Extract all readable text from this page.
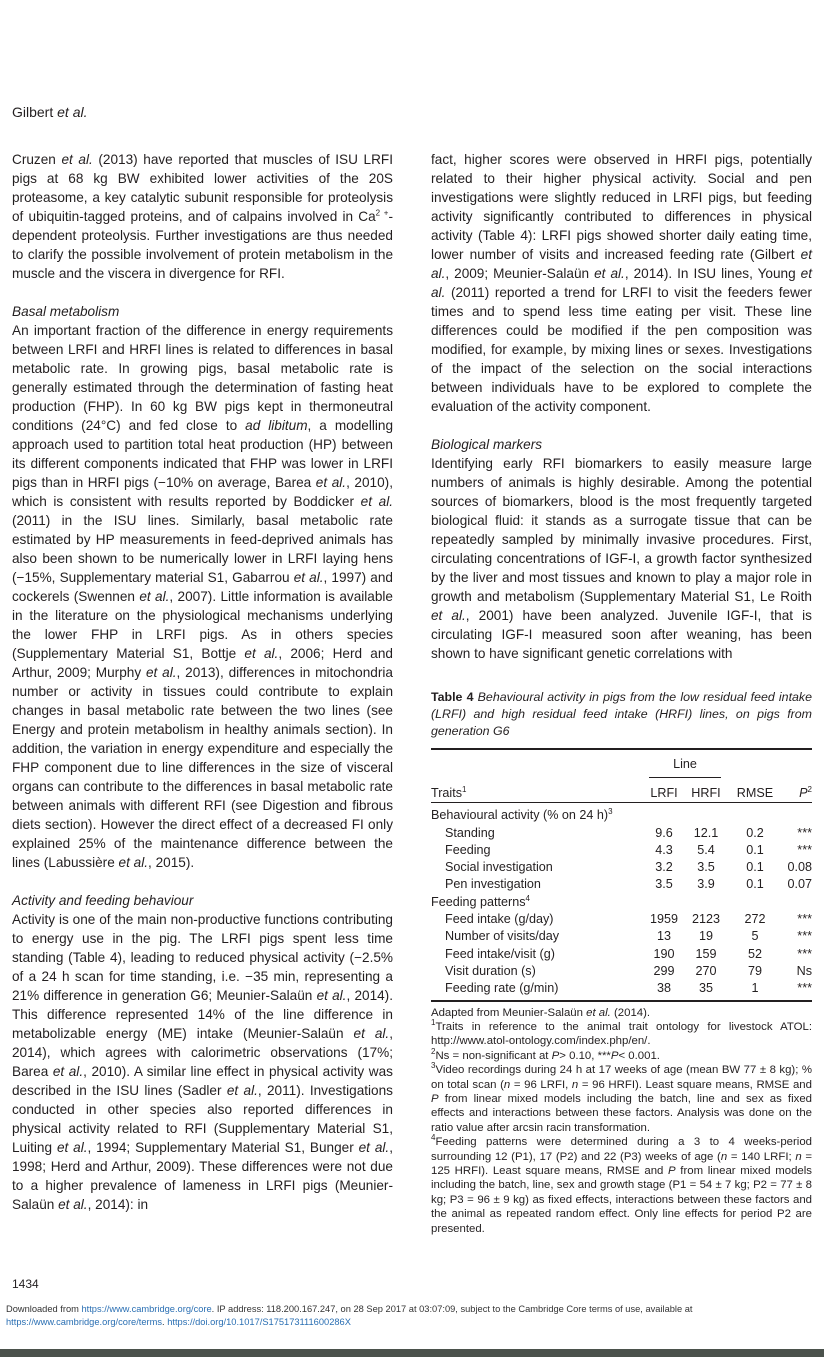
Gilbert et al.

Cruzen et al. (2013) have reported that muscles of ISU LRFI pigs at 68 kg BW exhibited lower activities of the 20S proteasome, a key catalytic subunit responsible for proteolysis of ubiquitin-tagged proteins, and of calpains involved in $Ca^{2 +}$-dependent proteolysis. Further investigations are thus needed to clarify the possible involvement of protein metabolism in the muscle and the viscera in divergence for RFI.

Basal metabolism

An important fraction of the difference in energy requirements between LRFI and HRFI lines is related to differences in basal metabolic rate. In growing pigs, basal metabolic rate is generally estimated through the determination of fasting heat production (FHP). In 60 kg BW pigs kept in thermoneutral conditions (24°C) and fed close to ad libitum, a modelling approach used to partition total heat production (HP) between its different components indicated that FHP was lower in LRFI pigs than in HRFI pigs (−10% on average, Barea et al., 2010), which is consistent with results reported by Boddicker et al. (2011) in the ISU lines. Similarly, basal metabolic rate estimated by HP measurements in feed-deprived animals has also been shown to be numerically lower in LRFI laying hens (−15%, Supplementary material S1, Gabarrou et al., 1997) and cockerels (Swennen et al., 2007). Little information is available in the literature on the physiological mechanisms underlying the lower FHP in LRFI pigs. As in others species (Supplementary Material S1, Bottje et al., 2006; Herd and Arthur, 2009; Murphy et al., 2013), differences in mitochondria number or activity in tissues could contribute to explain changes in basal metabolic rate between the two lines (see Energy and protein metabolism in healthy animals section). In addition, the variation in energy expenditure and especially the FHP component due to line differences in the size of visceral organs can contribute to the differences in basal metabolic rate between animals with different RFI (see Digestion and fibrous diets section). However the direct effect of a decreased FI only explained 25% of the maintenance difference between the lines (Labussière et al., 2015).

Activity and feeding behaviour

Activity is one of the main non-productive functions contributing to energy use in the pig. The LRFI pigs spent less time standing (Table 4), leading to reduced physical activity (−2.5% of a 24 h scan for time standing, i.e. −35 min, representing a 21% difference in generation G6; Meunier-Salaün et al., 2014). This difference represented 14% of the line difference in metabolizable energy (ME) intake (Meunier-Salaün et al., 2014), which agrees with calorimetric observations (17%; Barea et al., 2010). A similar line effect in physical activity was described in the ISU lines (Sadler et al., 2011). Investigations conducted in other species also reported differences in physical activity related to RFI (Supplementary Material S1, Luiting et al., 1994; Supplementary Material S1, Bunger et al., 1998; Herd and Arthur, 2009). These differences were not due to a higher prevalence of lameness in LRFI pigs (Meunier-Salaün et al., 2014): in

fact, higher scores were observed in HRFI pigs, potentially related to their higher physical activity. Social and pen investigations were slightly reduced in LRFI pigs, but feeding activity significantly contributed to differences in physical activity (Table 4): LRFI pigs showed shorter daily eating time, lower number of visits and increased feeding rate (Gilbert et al., 2009; Meunier-Salaün et al., 2014). In ISU lines, Young et al. (2011) reported a trend for LRFI to visit the feeders fewer times and to spend less time eating per visit. These line differences could be modified if the pen composition was modified, for example, by mixing lines or sexes. Investigations of the impact of the selection on the social interactions between individuals have to be explored to complete the evaluation of the activity component.

Biological markers

Identifying early RFI biomarkers to easily measure large numbers of animals is highly desirable. Among the potential sources of biomarkers, blood is the most frequently targeted biological fluid: it stands as a surrogate tissue that can be repeatedly sampled by minimally invasive procedures. First, circulating concentrations of IGF-I, a growth factor synthesized by the liver and most tissues and known to play a major role in growth and metabolism (Supplementary Material S1, Le Roith et al., 2001) have been analyzed. Juvenile IGF-I, that is circulating IGF-I measured soon after weaning, has been shown to have significant genetic correlations with

Table 4 Behavioural activity in pigs from the low residual feed intake (LRFI) and high residual feed intake (HRFI) lines, on pigs from generation G6
	Line			
Traits$^1$	LRFI	HRFI	RMSE	$P^2$
Behavioural activity (% on 24 h)$^3$
Standing	9.6	12.1	0.2	***
Feeding	4.3	5.4	0.1	***
Social investigation	3.2	3.5	0.1	0.08
Pen investigation	3.5	3.9	0.1	0.07
Feeding patterns$^4$
Feed intake (g/day)	1959	2123	272	***
Number of visits/day	13	19	5	***
Feed intake/visit (g)	190	159	52	***
Visit duration (s)	299	270	79	Ns
Feeding rate (g/min)	38	35	1	***

Adapted from Meunier-Salaün et al. (2014).

$^1$Traits in reference to the animal trait ontology for livestock ATOL: http://www.atol-ontology.com/index.php/en/.

$^2$Ns = non-significant at P> 0.10, ***P< 0.001.

$^3$Video recordings during 24 h at 17 weeks of age (mean BW 77 ± 8 kg); % on total scan (n = 96 LRFI, n = 96 HRFI). Least square means, RMSE and P from linear mixed models including the batch, line and sex as fixed effects and interactions between these factors. Analysis was done on the ratio value after arcsin racin transformation.

$^4$Feeding patterns were determined during a 3 to 4 weeks-period surrounding 12 (P1), 17 (P2) and 22 (P3) weeks of age (n = 140 LRFI; n = 125 HRFI). Least square means, RMSE and P from linear mixed models including the batch, line, sex and growth stage (P1 = 54 ± 7 kg; P2 = 77 ± 8 kg; P3 = 96 ± 9 kg) as fixed effects, interactions between these factors and the animal as repeated random effect. Only line effects for period P2 are presented.

1434
Downloaded from https://www.cambridge.org/core. IP address: 118.200.167.247, on 28 Sep 2017 at 03:07:09, subject to the Cambridge Core terms of use, available at
https://www.cambridge.org/core/terms. https://doi.org/10.1017/S175173111600286X
